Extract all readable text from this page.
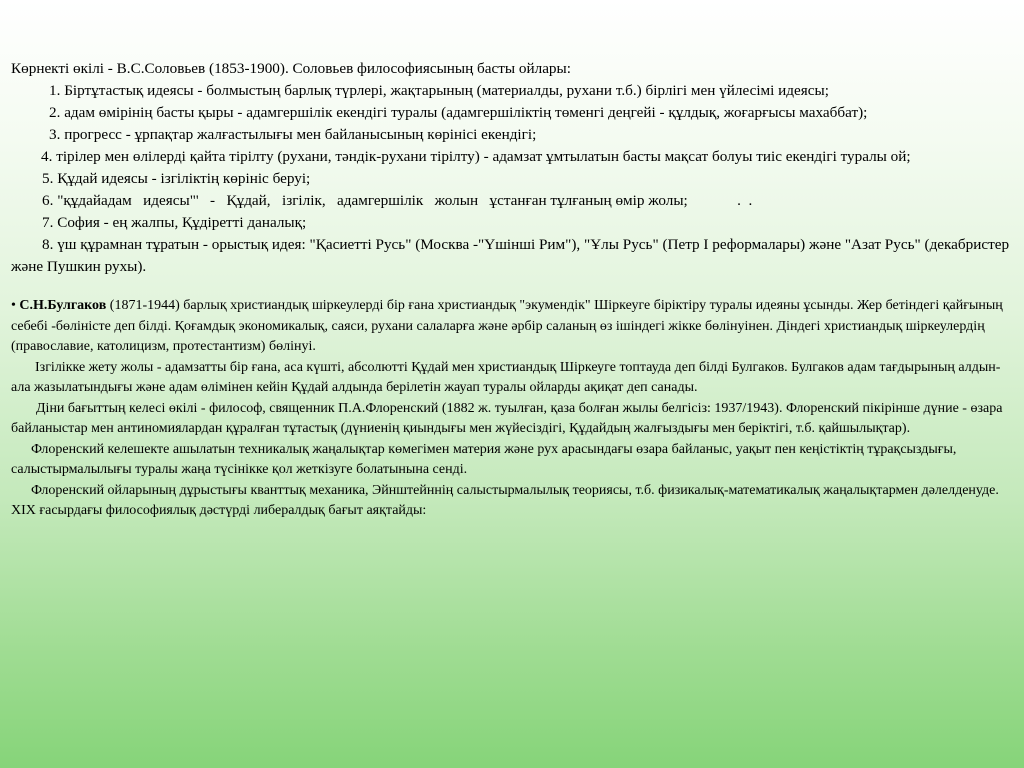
Көрнекті өкілі - В.С.Соловьев (1853-1900). Соловьев философиясының басты ойлары:

1. Біртұтастық идеясы - болмыстың барлық түрлері, жақтарының (материалды, рухани т.б.) бірлігі мен үйлесімі идеясы;

2. адам өмірінің басты қыры - адамгершілік екендігі туралы (адамгершіліктің төменгі деңгейі - құлдық, жоғарғысы махаббат);

3. прогресс - ұрпақтар жалғастылығы мен байланысының көрінісі екендігі;

4. тірілер мен өлілерді қайта тірілту (рухани, тәндік-рухани тірілту) - адамзат ұмтылатын басты мақсат болуы тиіс екендігі туралы ой;

5. Құдай идеясы - ізгіліктің көрініс беруі;

6. "құдайадам   идеясы"'   -   Құдай,   ізгілік,   адамгершілік   жолын   ұстанған тұлғаның өмір жолы;             .  .

7. София - ең жалпы, Құдіретті даналық;

8. үш құрамнан тұратын - орыстық идея: "Қасиетті Русь" (Москва -"Үшінші Рим"), "Ұлы Русь" (Петр І реформалары) және "Азат Русь" (декабристер және Пушкин рухы).

• С.Н.Булгаков (1871-1944) барлық христиандық шіркеулерді бір ғана христиандық "экумендік" Шіркеуге біріктіру туралы идеяны ұсынды. Жер бетіндегі қайғының себебі -бөліністе деп білді. Қоғамдық экономикалық, саяси, рухани салаларға және әрбір саланың өз ішіндегі жікке бөлінуінен. Діндегі христиандық шіркеулердің (православие, католицизм, протестантизм) бөлінуі.

Ізгілікке жету жолы - адамзатты бір ғана, аса күшті, абсолютті Құдай мен христиандық Шіркеуге топтауда деп білді Булгаков. Булгаков адам тағдырының алдын-ала жазылатындығы және адам өлімінен кейін Құдай алдында берілетін жауап туралы ойларды ақиқат деп санады.

Діни бағыттың келесі өкілі - философ, священник П.А.Флоренский (1882 ж. туылған, қаза болған жылы белгісіз: 1937/1943). Флоренский пікірінше дүние - өзара байланыстар мен антиномиялардан құралған тұтастық (дүниенің қиындығы мен жүйесіздігі, Құдайдың жалғыздығы мен беріктігі, т.б. қайшылықтар).

Флоренский келешекте ашылатын техникалық жаңалықтар көмегімен материя және рух арасындағы өзара байланыс, уақыт пен кеңістіктің тұрақсыздығы, салыстырмалылығы туралы жаңа түсінікке қол жеткізуге болатынына сенді.

Флоренский ойларының дұрыстығы кванттық механика, Эйнштейннің салыстырмалылық теориясы, т.б. физикалық-математикалық жаңалықтармен дәлелденуде.

XIX ғасырдағы философиялық дәстүрді либералдық бағыт аяқтайды:
